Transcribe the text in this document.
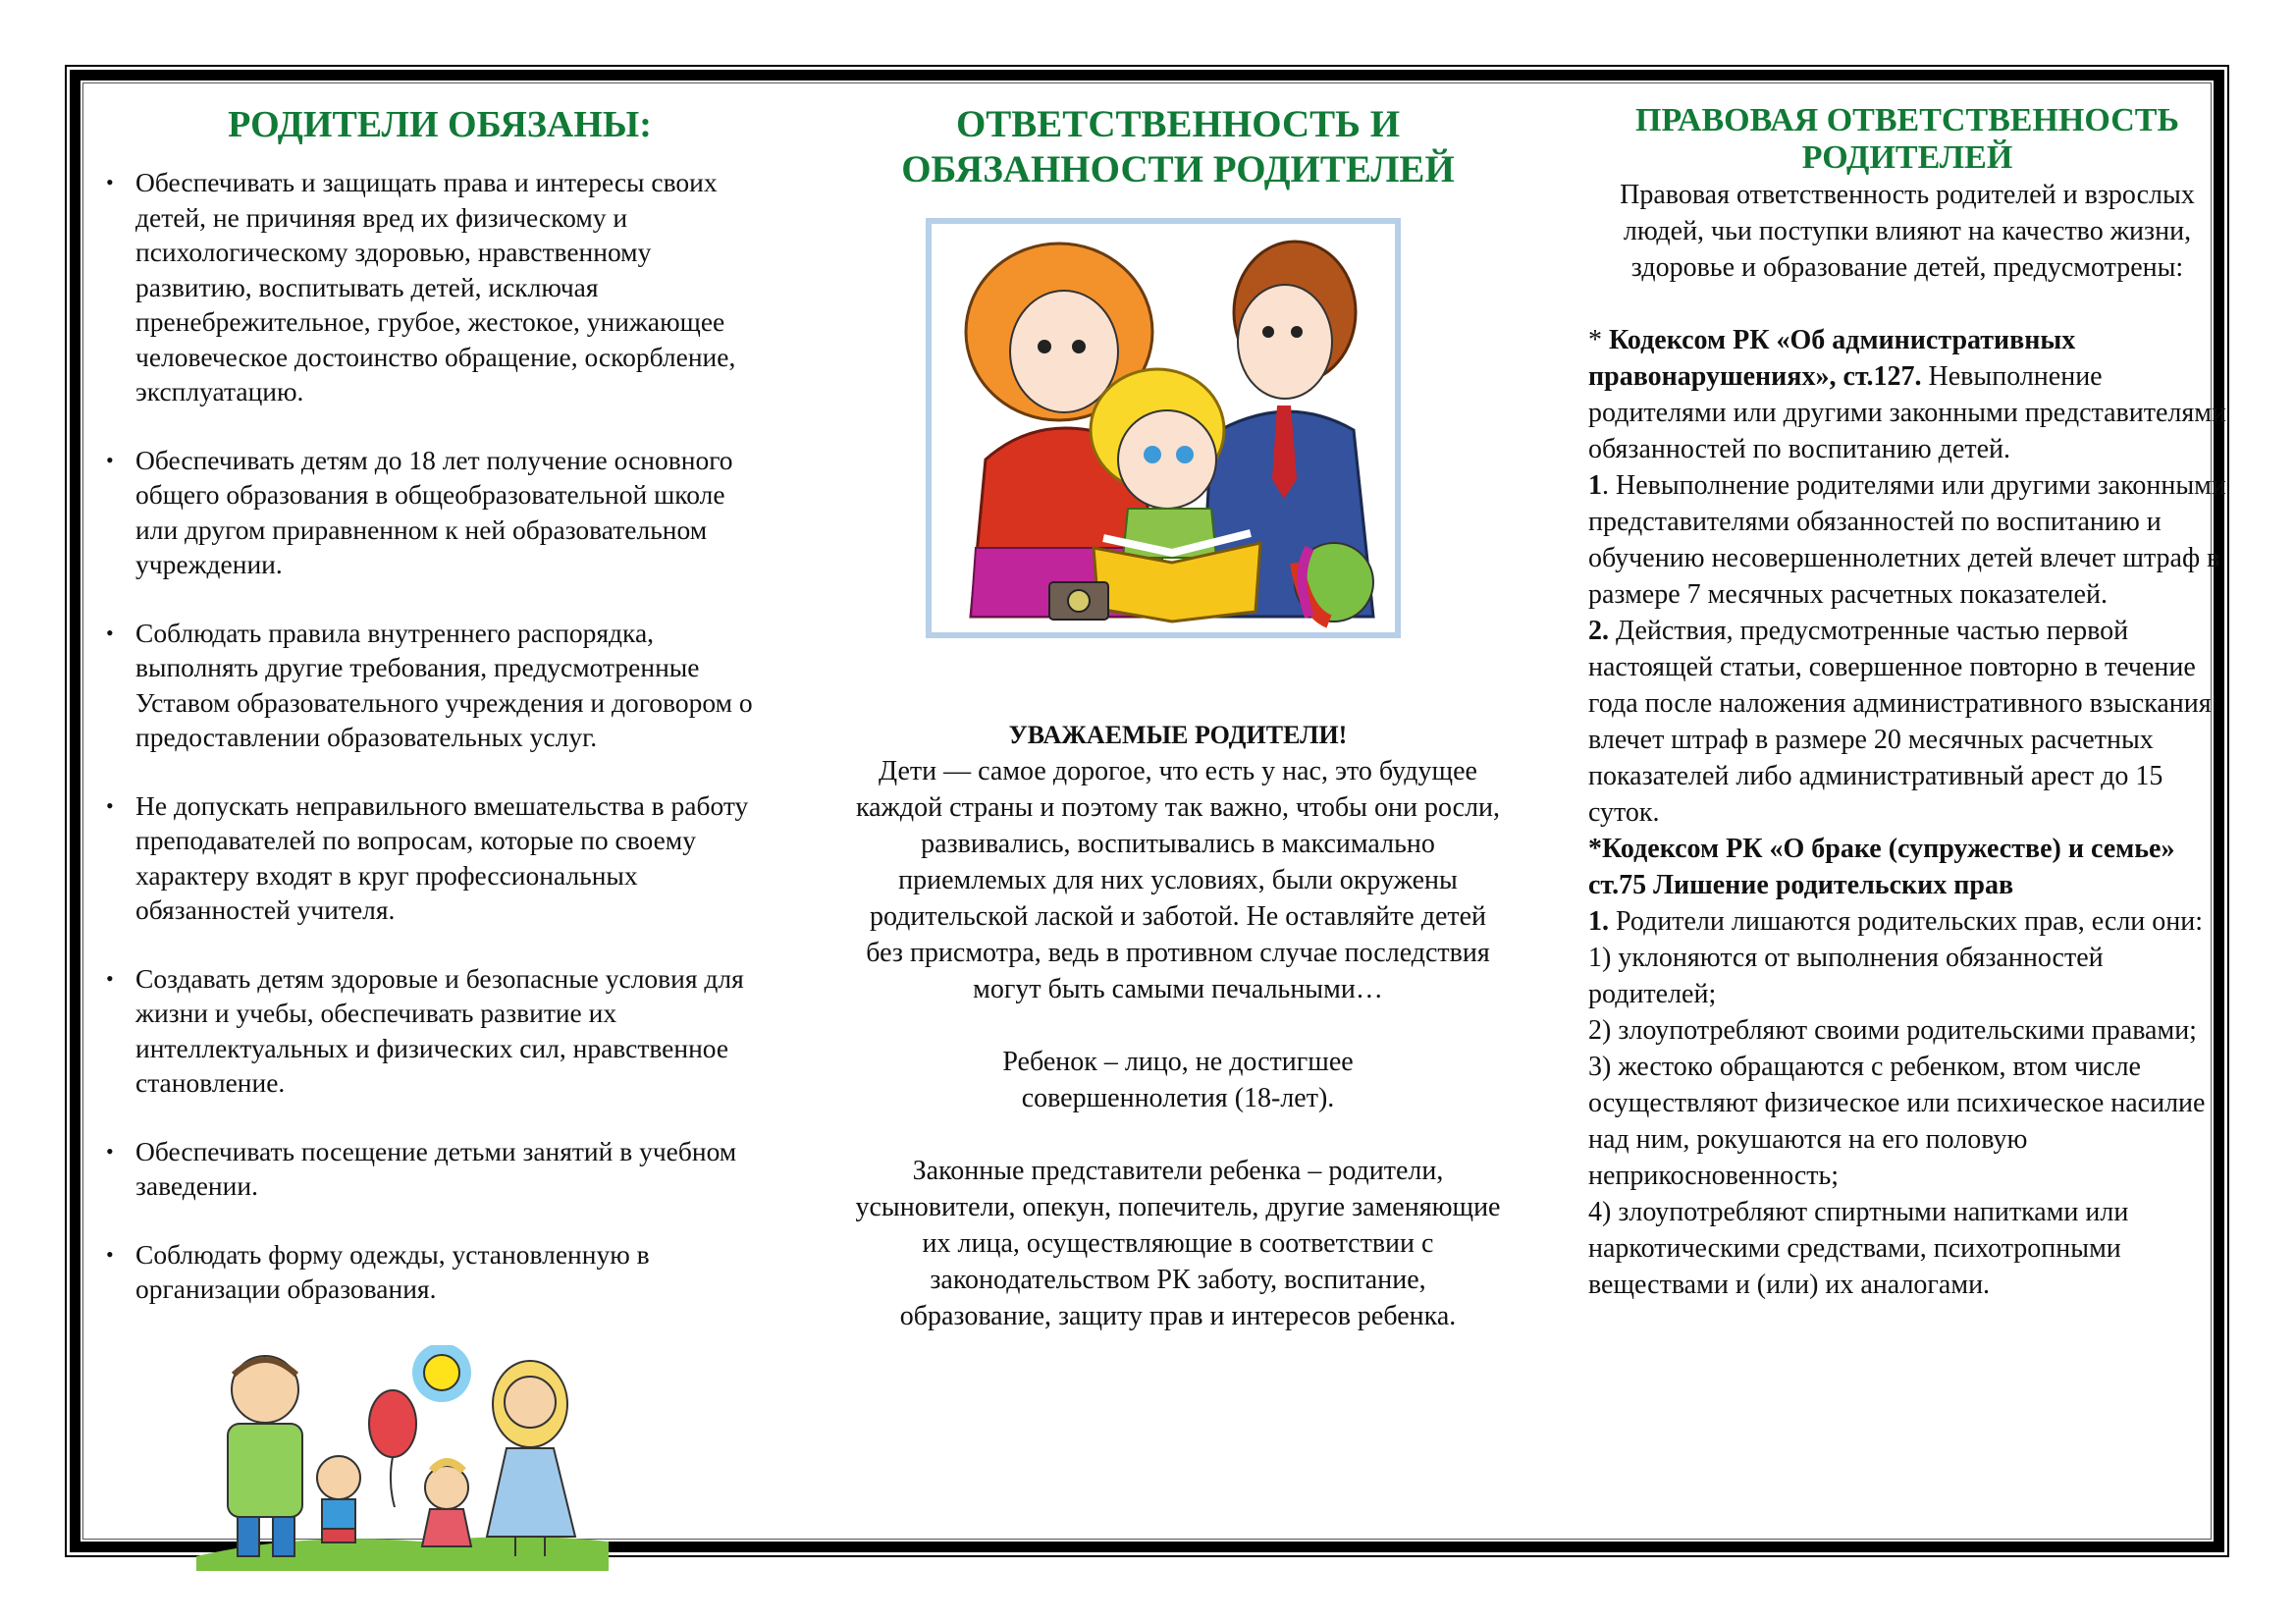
РОДИТЕЛИ ОБЯЗАНЫ:
• Обеспечивать и защищать права и интересы своих детей, не причиняя вред их физическому и психологическому здоровью, нравственному развитию, воспитывать детей, исключая пренебрежительное, грубое, жестокое, унижающее человеческое достоинство обращение, оскорбление, эксплуатацию.
• Обеспечивать детям до 18 лет получение основного общего образования в общеобразовательной школе или другом приравненном к ней образовательном учреждении.
• Соблюдать правила внутреннего распорядка, выполнять другие требования, предусмотренные Уставом образовательного учреждения и договором о предоставлении образовательных услуг.
• Не допускать неправильного вмешательства в работу преподавателей по вопросам, которые по своему характеру входят в круг профессиональных обязанностей учителя.
• Создавать детям здоровые и безопасные условия для жизни и учебы, обеспечивать развитие их интеллектуальных и физических сил, нравственное становление.
• Обеспечивать посещение детьми занятий в учебном заведении.
• Соблюдать форму одежды, установленную в организации образования.
ОТВЕТСТВЕННОСТЬ И
ОБЯЗАННОСТИ РОДИТЕЛЕЙ
УВАЖАЕМЫЕ РОДИТЕЛИ!
Дети — самое дорогое, что есть у нас, это будущее каждой страны и поэтому так важно, чтобы они росли, развивались, воспитывались в максимально приемлемых для них условиях, были окружены родительской лаской и заботой. Не оставляйте детей без присмотра, ведь в противном случае последствия могут быть самыми печальными…
Ребенок – лицо, не достигшее совершеннолетия (18-лет).
Законные представители ребенка – родители, усыновители, опекун, попечитель, другие заменяющие их лица, осуществляющие в соответствии с законодательством РК заботу, воспитание, образование, защиту прав и интересов ребенка.
ПРАВОВАЯ ОТВЕТСТВЕННОСТЬ РОДИТЕЛЕЙ
Правовая ответственность родителей и взрослых людей, чьи поступки влияют на качество жизни, здоровье и образование детей, предусмотрены:

* Кодексом РК «Об административных правонарушениях», ст.127. Невыполнение родителями или другими законными представителями обязанностей по воспитанию детей.

1. Невыполнение родителями или другими законными представителями обязанностей по воспитанию и обучению несовершеннолетних детей влечет штраф в размере 7 месячных расчетных показателей.

2. Действия, предусмотренные частью первой настоящей статьи, совершенное повторно в течение года после наложения административного взыскания влечет штраф в размере 20 месячных расчетных показателей либо административный арест до 15 суток.

*Кодексом РК «О браке (супружестве) и семье» ст.75 Лишение родительских прав

1. Родители лишаются родительских прав, если они:

1) уклоняются от выполнения обязанностей родителей;

2) злоупотребляют своими родительскими правами;

3) жестоко обращаются с ребенком, втом числе осуществляют физическое или психическое насилие над ним, рокушаются на его половую неприкосновенность;

4) злоупотребляют спиртными напитками или наркотическими средствами, психотропными веществами и (или) их аналогами.
